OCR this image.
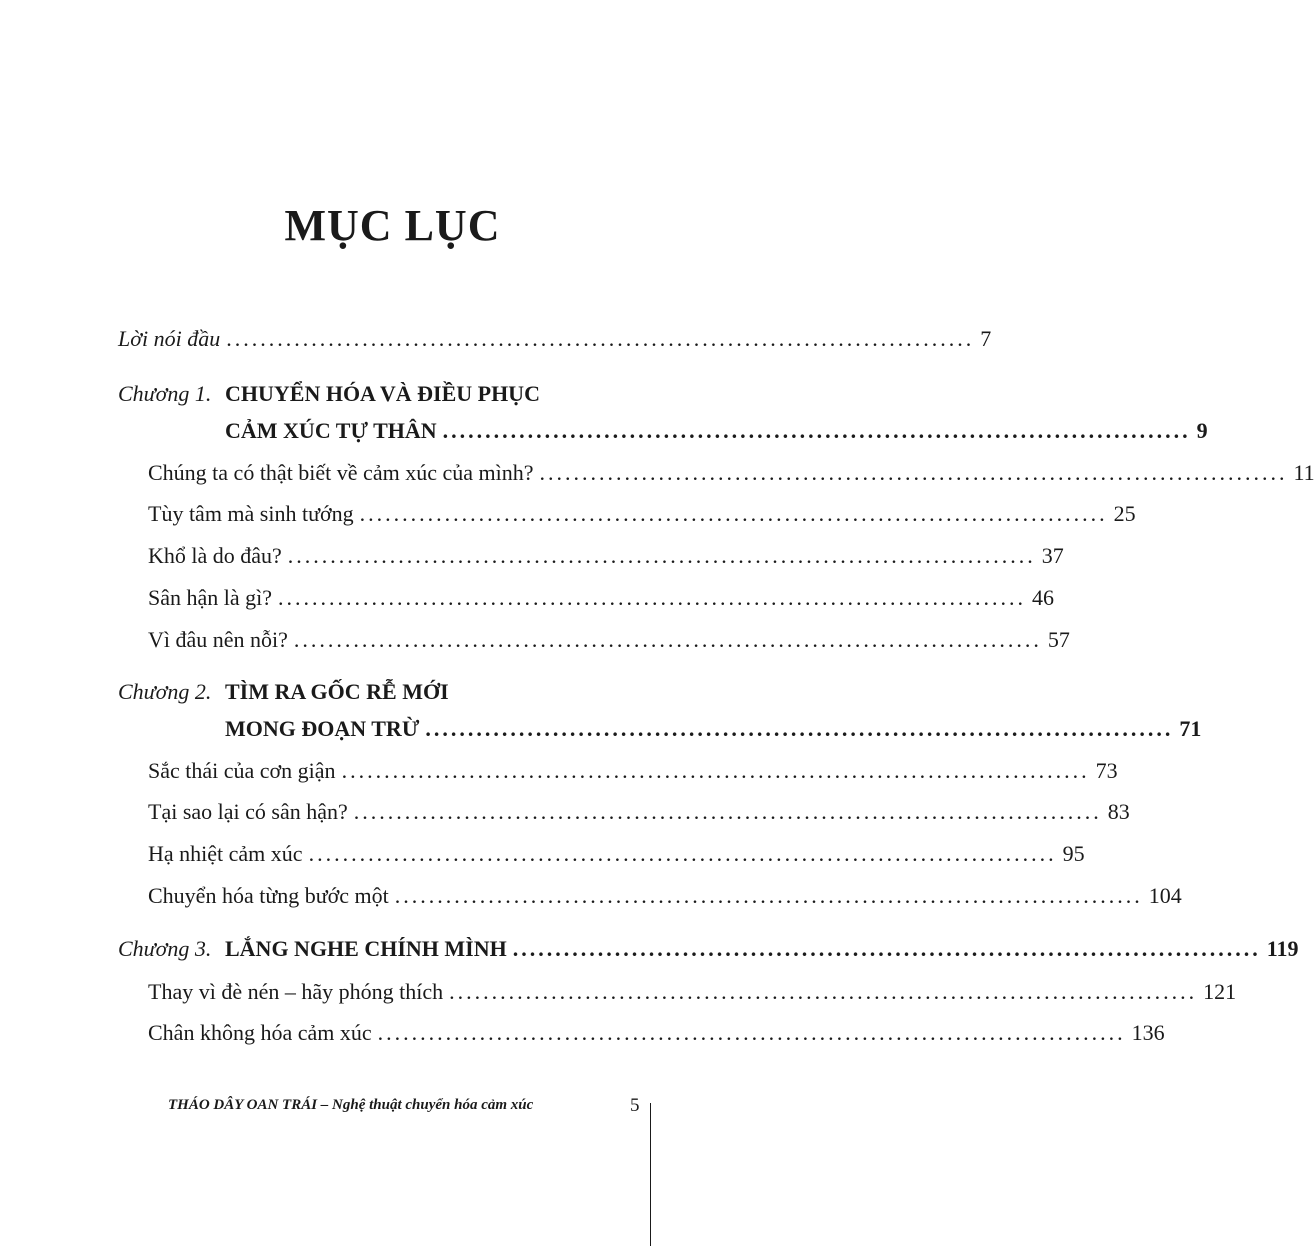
MỤC LỤC
Lời nói đầu ........................................................................................ 7
Chương 1. CHUYỂN HÓA VÀ ĐIỀU PHỤC
CẢM XÚC TỰ THÂN ........................................................................................ 9
Chúng ta có thật biết về cảm xúc của mình? ........................................................................................ 11
Tùy tâm mà sinh tướng ........................................................................................ 25
Khổ là do đâu? ........................................................................................ 37
Sân hận là gì? ........................................................................................ 46
Vì đâu nên nỗi? ........................................................................................ 57
Chương 2. TÌM RA GỐC RỄ MỚI
MONG ĐOẠN TRỪ ........................................................................................ 71
Sắc thái của cơn giận ........................................................................................ 73
Tại sao lại có sân hận? ........................................................................................ 83
Hạ nhiệt cảm xúc ........................................................................................ 95
Chuyển hóa từng bước một ........................................................................................ 104
Chương 3. LẮNG NGHE CHÍNH MÌNH ........................................................................................ 119
Thay vì đè nén – hãy phóng thích ........................................................................................ 121
Chân không hóa cảm xúc ........................................................................................ 136
THÁO DÂY OAN TRÁI – Nghệ thuật chuyển hóa cảm xúc	5
